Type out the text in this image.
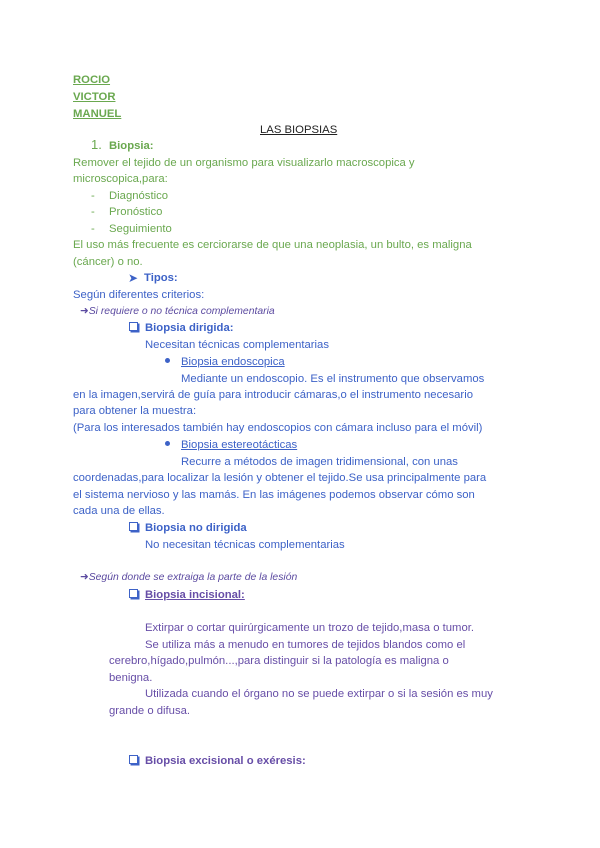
ROCIO
VICTOR
MANUEL
LAS BIOPSIAS
1. Biopsia:
Remover el tejido de un organismo para visualizarlo macroscopica y
microscopica,para:
- Diagnóstico
- Pronóstico
- Seguimiento
El uso más frecuente es cerciorarse de que una neoplasia, un bulto, es maligna
(cáncer) o no.
➤ Tipos:
Según diferentes criterios:
➜Si requiere o no técnica complementaria
Biopsia dirigida:
Necesitan técnicas complementarias
Biopsia endoscopica
Mediante un endoscopio. Es el instrumento que observamos
en la imagen,servirá de guía para introducir cámaras,o el instrumento necesario
para obtener la muestra:
(Para los interesados también hay endoscopios con cámara incluso para el móvil)
Biopsia estereotácticas
Recurre a métodos de imagen tridimensional, con unas
coordenadas,para localizar la lesión y obtener el tejido.Se usa principalmente para
el sistema nervioso y las mamás. En las imágenes podemos observar cómo son
cada una de ellas.
Biopsia no dirigida
No necesitan técnicas complementarias
➜Según donde se extraiga la parte de la lesión
Biopsia incisional:
Extirpar o cortar quirúrgicamente un trozo de tejido,masa o tumor.
Se utiliza más a menudo en tumores de tejidos blandos como el
cerebro,hígado,pulmón...,para distinguir si la patología es maligna o
benigna.
Utilizada cuando el órgano no se puede extirpar o si la sesión es muy
grande o difusa.
Biopsia excisional o exéresis:
